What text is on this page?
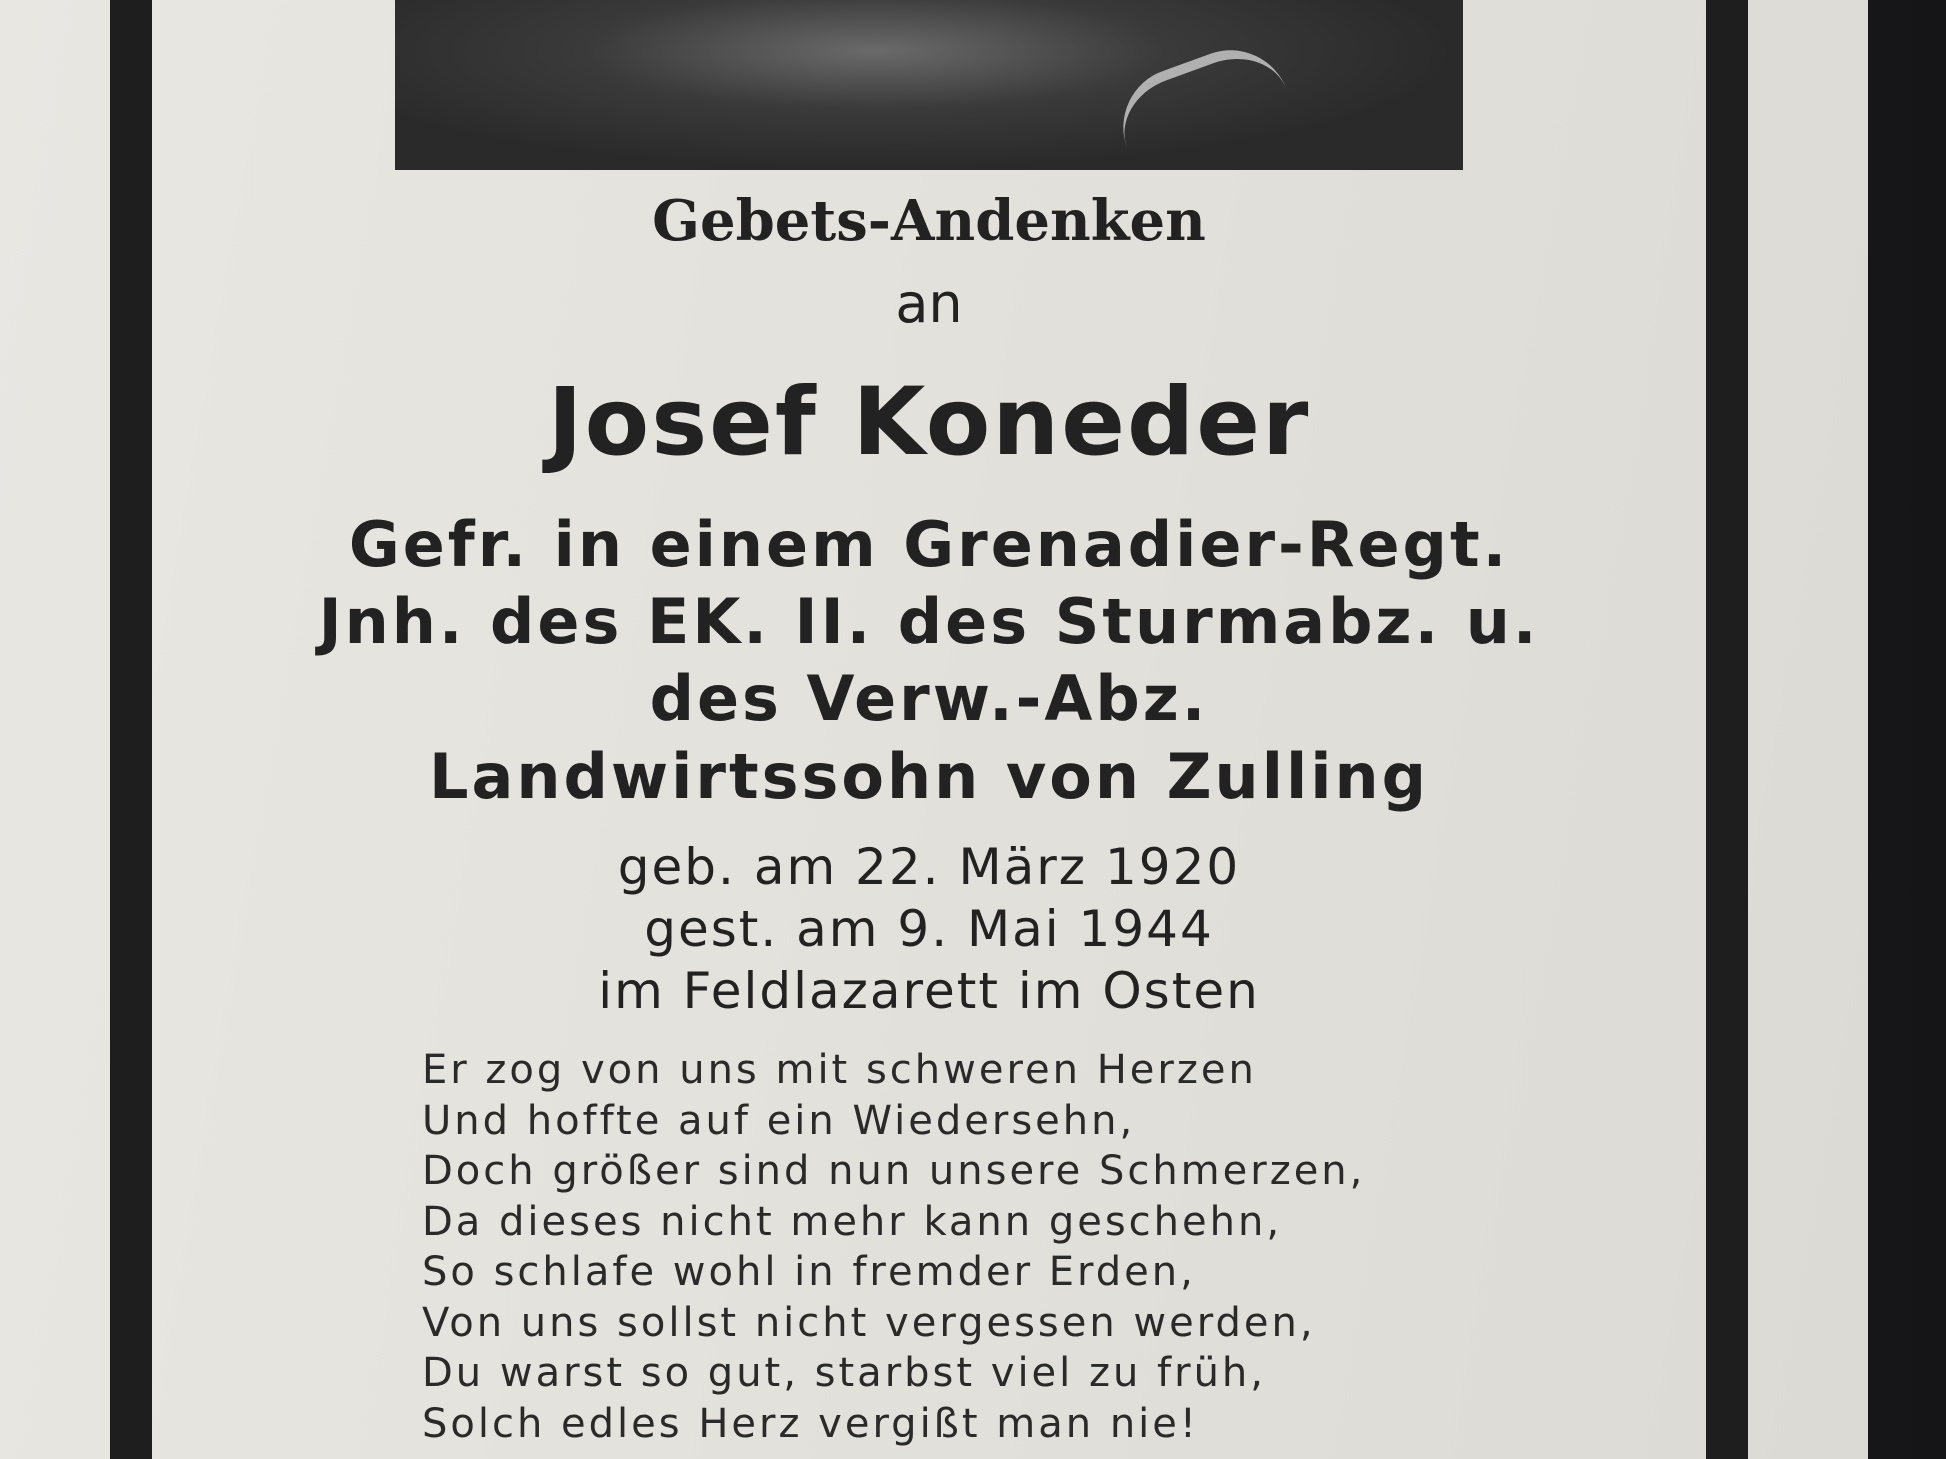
Gebets-Andenken
an
Josef Koneder
Gefr. in einem Grenadier-Regt.
Jnh. des EK. II. des Sturmabz. u.
des Verw.-Abz.
Landwirtssohn von Zulling
geb. am 22. März 1920
gest. am 9. Mai 1944
im Feldlazarett im Osten
Er zog von uns mit schweren Herzen
Und hoffte auf ein Wiedersehn,
Doch größer sind nun unsere Schmerzen,
Da dieses nicht mehr kann geschehn,
So schlafe wohl in fremder Erden,
Von uns sollst nicht vergessen werden,
Du warst so gut, starbst viel zu früh,
Solch edles Herz vergißt man nie!
